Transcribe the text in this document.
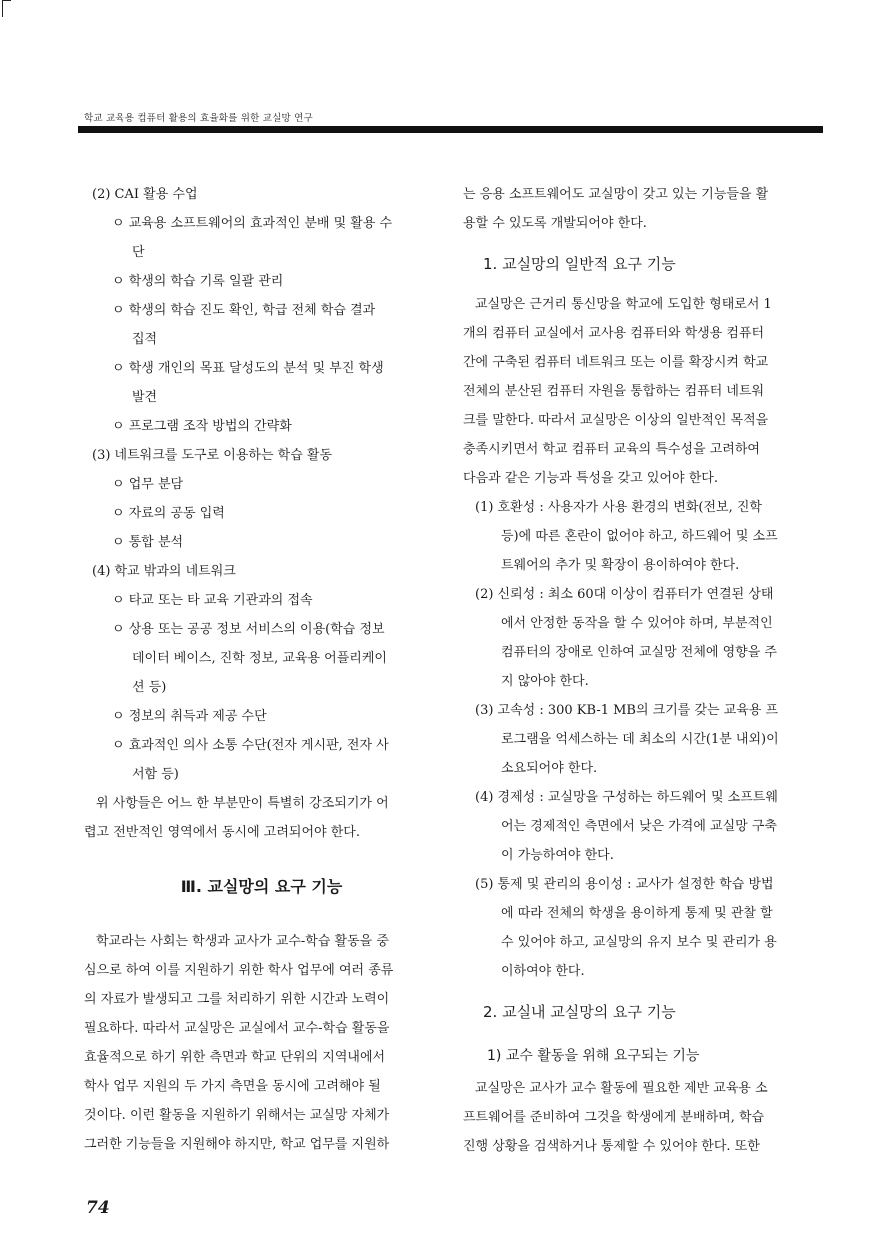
학교 교육용 컴퓨터 활용의 효율화를 위한 교실망 연구
(2) CAI 활용 수업
ㅇ 교육용 소프트웨어의 효과적인 분배 및 활용 수
단
ㅇ 학생의 학습 기록 일괄 관리
ㅇ 학생의 학습 진도 확인, 학급 전체 학습 결과
집적
ㅇ 학생 개인의 목표 달성도의 분석 및 부진 학생
발견
ㅇ 프로그램 조작 방법의 간략화
(3) 네트워크를 도구로 이용하는 학습 활동
ㅇ 업무 분담
ㅇ 자료의 공동 입력
ㅇ 통합 분석
(4) 학교 밖과의 네트워크
ㅇ 타교 또는 타 교육 기관과의 접속
ㅇ 상용 또는 공공 정보 서비스의 이용(학습 정보
데이터 베이스, 진학 정보, 교육용 어플리케이
션 등)
ㅇ 정보의 취득과 제공 수단
ㅇ 효과적인 의사 소통 수단(전자 게시판, 전자 사
서함 등)
위 사항들은 어느 한 부분만이 특별히 강조되기가 어
렵고 전반적인 영역에서 동시에 고려되어야 한다.
Ⅲ. 교실망의 요구 기능
학교라는 사회는 학생과 교사가 교수-학습 활동을 중
심으로 하여 이를 지원하기 위한 학사 업무에 여러 종류
의 자료가 발생되고 그를 처리하기 위한 시간과 노력이
필요하다. 따라서 교실망은 교실에서 교수-학습 활동을
효율적으로 하기 위한 측면과 학교 단위의 지역내에서
학사 업무 지원의 두 가지 측면을 동시에 고려해야 될
것이다. 이런 활동을 지원하기 위해서는 교실망 자체가
그러한 기능들을 지원해야 하지만, 학교 업무를 지원하
는 응용 소프트웨어도 교실망이 갖고 있는 기능들을 활
용할 수 있도록 개발되어야 한다.
1. 교실망의 일반적 요구 기능
교실망은 근거리 통신망을 학교에 도입한 형태로서 1
개의 컴퓨터 교실에서 교사용 컴퓨터와 학생용 컴퓨터
간에 구축된 컴퓨터 네트워크 또는 이를 확장시켜 학교
전체의 분산된 컴퓨터 자원을 통합하는 컴퓨터 네트워
크를 말한다. 따라서 교실망은 이상의 일반적인 목적을
충족시키면서 학교 컴퓨터 교육의 특수성을 고려하여
다음과 같은 기능과 특성을 갖고 있어야 한다.
(1) 호환성 : 사용자가 사용 환경의 변화(전보, 진학
등)에 따른 혼란이 없어야 하고, 하드웨어 및 소프
트웨어의 추가 및 확장이 용이하여야 한다.
(2) 신뢰성 : 최소 60대 이상이 컴퓨터가 연결된 상태
에서 안정한 동작을 할 수 있어야 하며, 부분적인
컴퓨터의 장애로 인하여 교실망 전체에 영향을 주
지 않아야 한다.
(3) 고속성 : 300 KB-1 MB의 크기를 갖는 교육용 프
로그램을 억세스하는 데 최소의 시간(1분 내외)이
소요되어야 한다.
(4) 경제성 : 교실망을 구성하는 하드웨어 및 소프트웨
어는 경제적인 측면에서 낮은 가격에 교실망 구축
이 가능하여야 한다.
(5) 통제 및 관리의 용이성 : 교사가 설정한 학습 방법
에 따라 전체의 학생을 용이하게 통제 및 관찰 할
수 있어야 하고, 교실망의 유지 보수 및 관리가 용
이하여야 한다.
2. 교실내 교실망의 요구 기능
1) 교수 활동을 위해 요구되는 기능
교실망은 교사가 교수 활동에 필요한 제반 교육용 소
프트웨어를 준비하여 그것을 학생에게 분배하며, 학습
진행 상황을 검색하거나 통제할 수 있어야 한다. 또한
74
